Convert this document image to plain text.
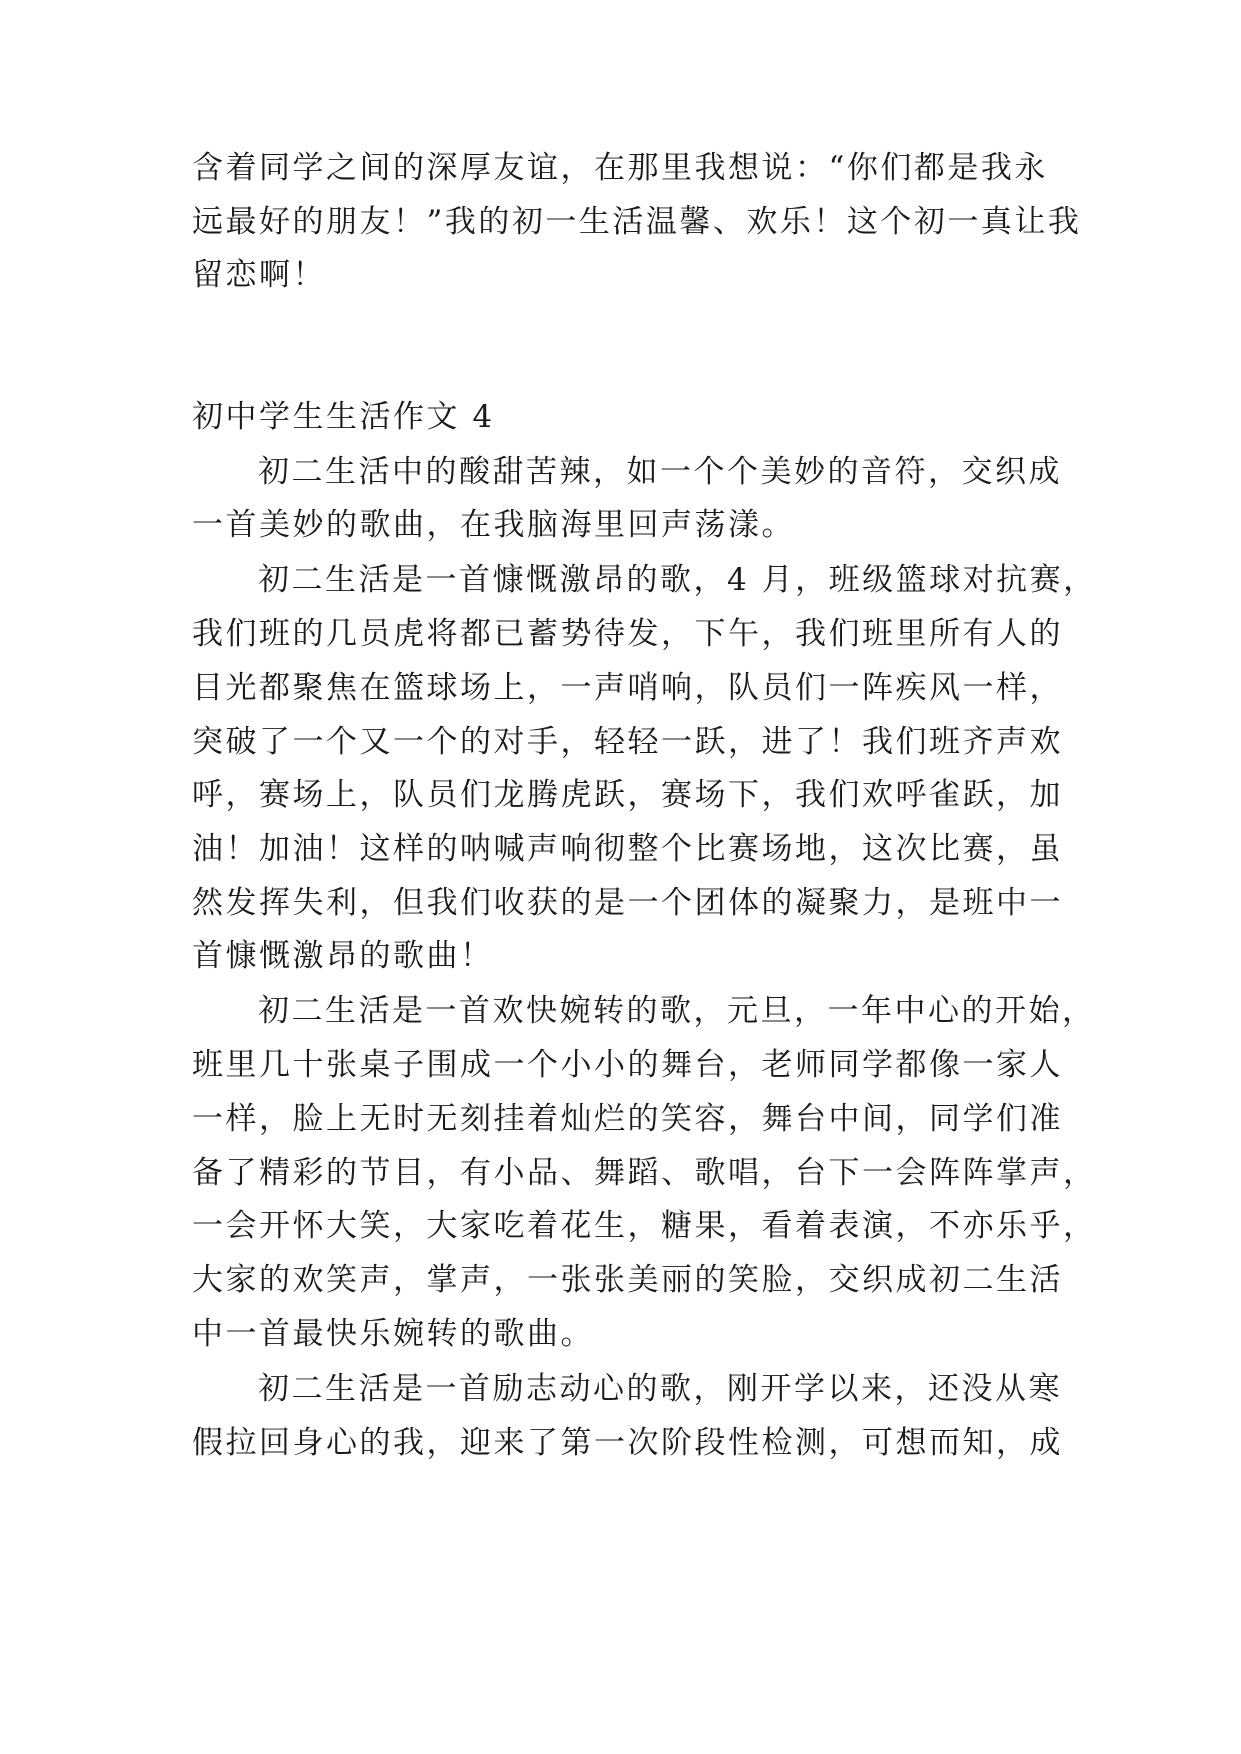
含着同学之间的深厚友谊，在那里我想说：“你们都是我永
远最好的朋友！”我的初一生活温馨、欢乐！这个初一真让我
留恋啊！
初中学生生活作文 4
初二生活中的酸甜苦辣，如一个个美妙的音符，交织成
一首美妙的歌曲，在我脑海里回声荡漾。
初二生活是一首慷慨激昂的歌，4 月，班级篮球对抗赛，
我们班的几员虎将都已蓄势待发，下午，我们班里所有人的
目光都聚焦在篮球场上，一声哨响，队员们一阵疾风一样，
突破了一个又一个的对手，轻轻一跃，进了！我们班齐声欢
呼，赛场上，队员们龙腾虎跃，赛场下，我们欢呼雀跃，加
油！加油！这样的呐喊声响彻整个比赛场地，这次比赛，虽
然发挥失利，但我们收获的是一个团体的凝聚力，是班中一
首慷慨激昂的歌曲！
初二生活是一首欢快婉转的歌，元旦，一年中心的开始，
班里几十张桌子围成一个小小的舞台，老师同学都像一家人
一样，脸上无时无刻挂着灿烂的笑容，舞台中间，同学们准
备了精彩的节目，有小品、舞蹈、歌唱，台下一会阵阵掌声，
一会开怀大笑，大家吃着花生，糖果，看着表演，不亦乐乎，
大家的欢笑声，掌声，一张张美丽的笑脸，交织成初二生活
中一首最快乐婉转的歌曲。
初二生活是一首励志动心的歌，刚开学以来，还没从寒
假拉回身心的我，迎来了第一次阶段性检测，可想而知，成
